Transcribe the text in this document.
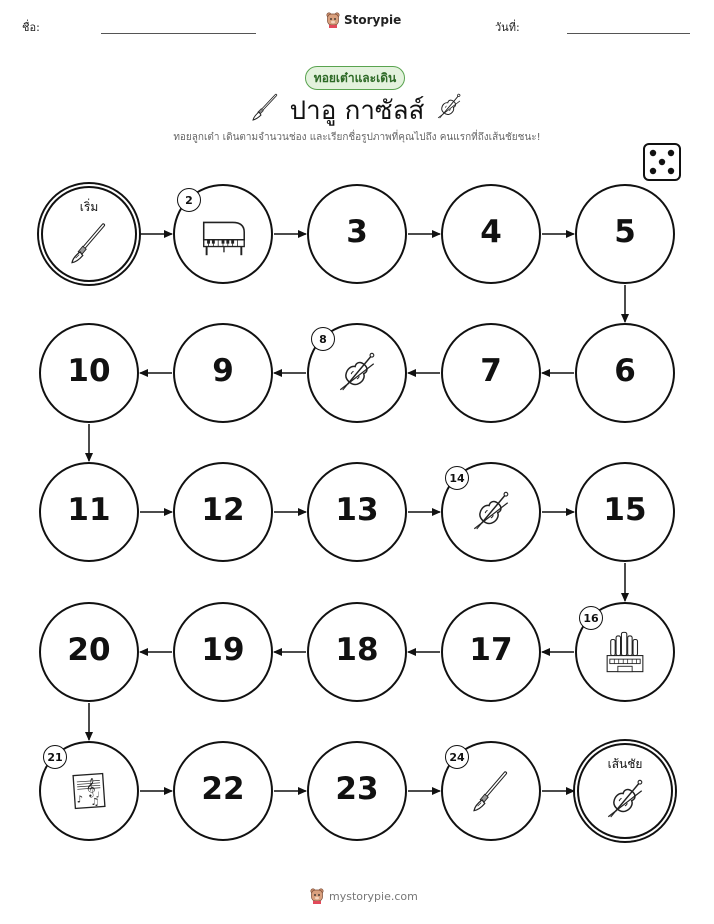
ชื่อ:
Storypie
วันที่:
ทอยเต๋าและเดิน
ปาอู กาซัลส์
ทอยลูกเต๋า เดินตามจำนวนช่อง และเรียกชื่อรูปภาพที่คุณไปถึง คนแรกที่ถึงเส้นชัยชนะ!
เริ่ม	2
3	4	5
6
7
8
9
10
11	12	13
14
15
16
17
18
19
20
𝄞
♪ ♫
♩
21
22	23
24	เส้นชัย
mystorypie.com
